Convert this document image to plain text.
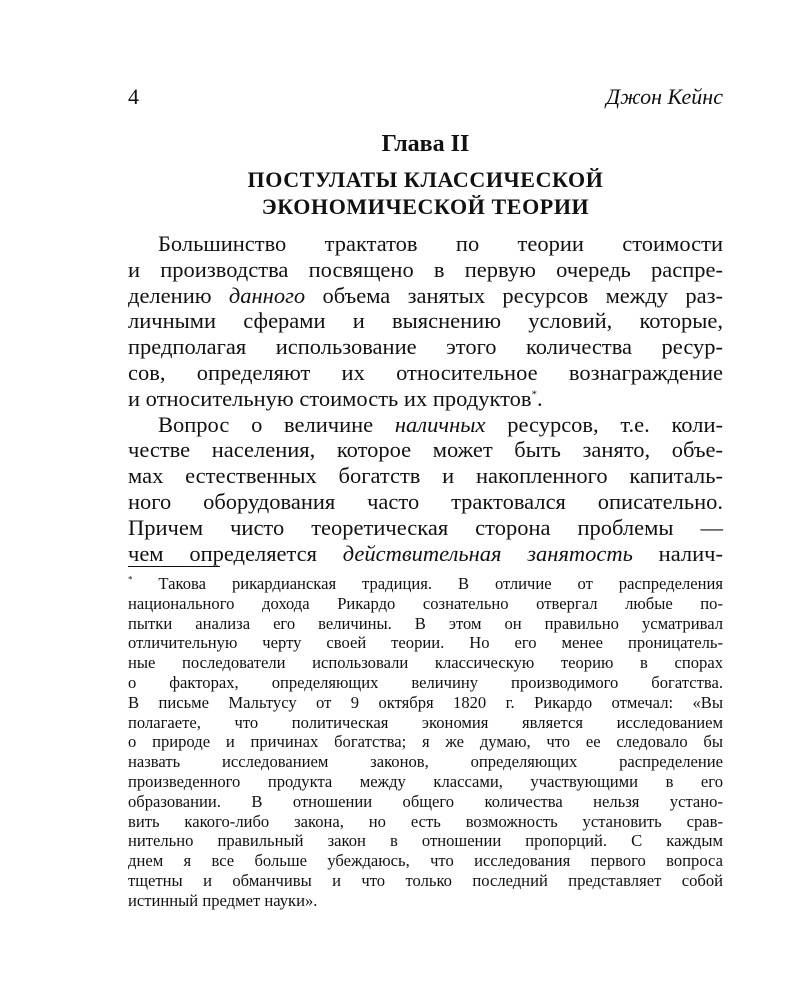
4	Джон Кейнс
Глава II
ПОСТУЛАТЫ КЛАССИЧЕСКОЙ
ЭКОНОМИЧЕСКОЙ ТЕОРИИ
Большинство трактатов по теории стоимости
и производства посвящено в первую очередь распре-
делению данного объема занятых ресурсов между раз-
личными сферами и выяснению условий, которые,
предполагая использование этого количества ресур-
сов, определяют их относительное вознаграждение
и относительную стоимость их продуктов*.
Вопрос о величине наличных ресурсов, т.е. коли-
честве населения, которое может быть занято, объе-
мах естественных богатств и накопленного капиталь-
ного оборудования часто трактовался описательно.
Причем чисто теоретическая сторона проблемы —
чем определяется действительная занятость налич-
* Такова рикардианская традиция. В отличие от распределения
национального дохода Рикардо сознательно отвергал любые по-
пытки анализа его величины. В этом он правильно усматривал
отличительную черту своей теории. Но его менее проницатель-
ные последователи использовали классическую теорию в спорах
о факторах, определяющих величину производимого богатства.
В письме Мальтусу от 9 октября 1820 г. Рикардо отмечал: «Вы
полагаете, что политическая экономия является исследованием
о природе и причинах богатства; я же думаю, что ее следовало бы
назвать исследованием законов, определяющих распределение
произведенного продукта между классами, участвующими в его
образовании. В отношении общего количества нельзя устано-
вить какого-либо закона, но есть возможность установить срав-
нительно правильный закон в отношении пропорций. С каждым
днем я все больше убеждаюсь, что исследования первого вопроса
тщетны и обманчивы и что только последний представляет собой
истинный предмет науки».
